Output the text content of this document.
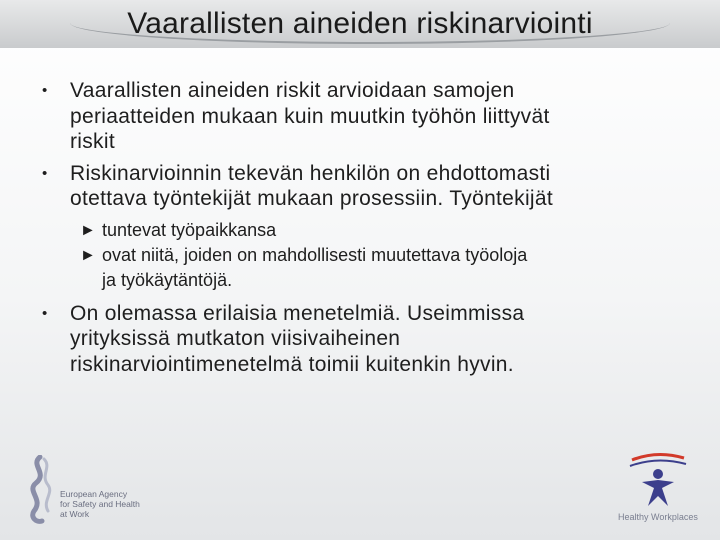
Vaarallisten aineiden riskinarviointi
• Vaarallisten aineiden riskit arvioidaan samojen
periaatteiden mukaan kuin muutkin työhön liittyvät
riskit
• Riskinarvioinnin tekevän henkilön on ehdottomasti
otettava työntekijät mukaan prosessiin. Työntekijät
► tuntevat työpaikkansa
► ovat niitä, joiden on mahdollisesti muutettava työoloja
ja työkäytäntöjä.
• On olemassa erilaisia menetelmiä. Useimmissa
yrityksissä mutkaton viisivaiheinen
riskinarviointimenetelmä toimii kuitenkin hyvin.
European Agency
for Safety and Health
at Work	Healthy Workplaces
